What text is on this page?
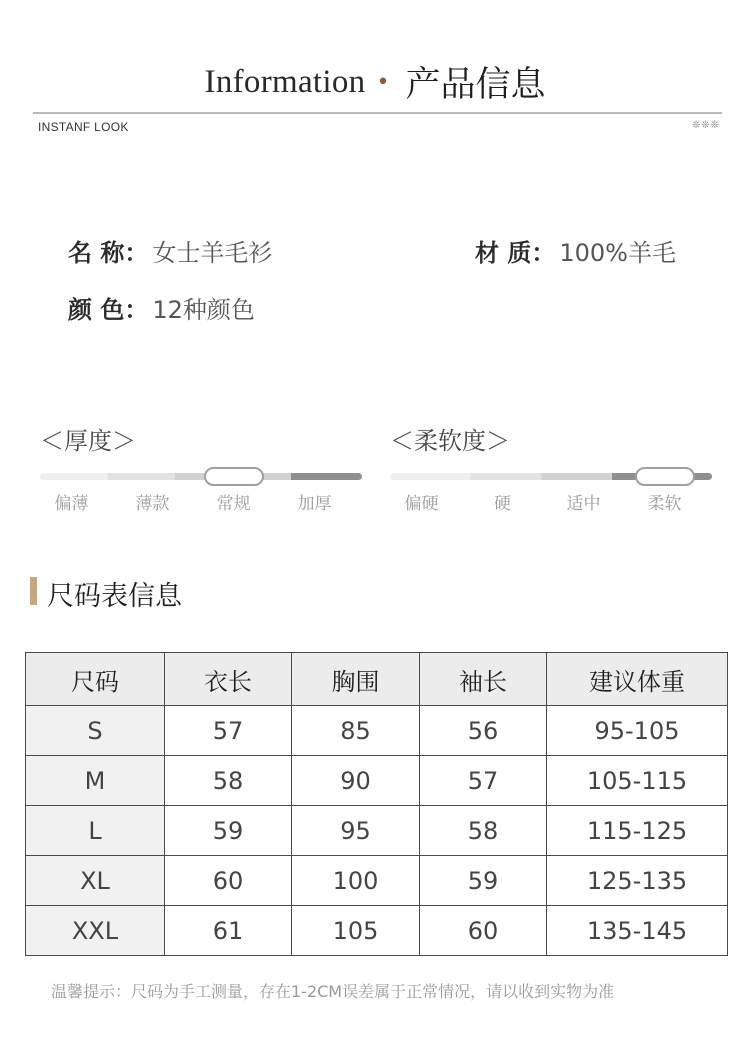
Information • 产品信息
INSTANF LOOK	❊❊❊
名 称： 女士羊毛衫	材 质： 100%羊毛
颜 色： 12种颜色
＜厚度＞
偏薄	薄款	常规	加厚
＜柔软度＞
偏硬	硬	适中	柔软
尺码表信息
尺码	衣长	胸围	袖长	建议体重
S	57	85	56	95-105
M	58	90	57	105-115
L	59	95	58	115-125
XL	60	100	59	125-135
XXL	61	105	60	135-145
温馨提示：尺码为手工测量，存在1-2CM误差属于正常情况，请以收到实物为准
